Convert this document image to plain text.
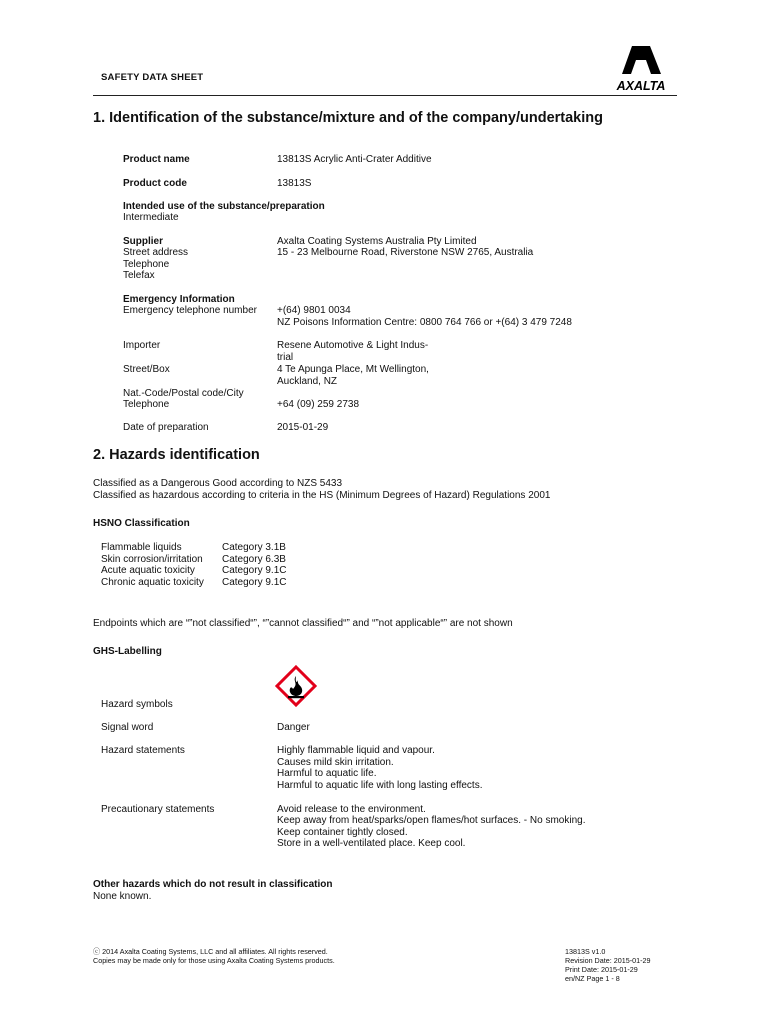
SAFETY DATA SHEET
AXALTA
1. Identification of the substance/mixture and of the company/undertaking
Product name	13813S Acrylic Anti-Crater Additive
Product code	13813S
Intended use of the substance/preparation
Intermediate
Supplier	Axalta Coating Systems Australia Pty Limited
Street address	15 - 23 Melbourne Road, Riverstone NSW 2765, Australia
Telephone
Telefax
Emergency Information
Emergency telephone number +(64) 9801 0034
NZ Poisons Information Centre: 0800 764 766 or +(64) 3 479 7248
Importer	Resene Automotive & Light Indus-
trial
Street/Box	4 Te Apunga Place, Mt Wellington,
Auckland, NZ
Nat.-Code/Postal code/City
Telephone	+64 (09) 259 2738
Date of preparation	2015-01-29
2. Hazards identification
Classified as a Dangerous Good according to NZS 5433
Classified as hazardous according to criteria in the HS (Minimum Degrees of Hazard) Regulations 2001
HSNO Classification
Flammable liquids	Category 3.1B
Skin corrosion/irritation Category 6.3B
Acute aquatic toxicity	Category 9.1C
Chronic aquatic toxicity Category 9.1C
Endpoints which are “”not classified“”, “”cannot classified“” and “”not applicable“” are not shown
GHS-Labelling
Hazard symbols
Signal word	Danger
Hazard statements	Highly flammable liquid and vapour.
Causes mild skin irritation.
Harmful to aquatic life.
Harmful to aquatic life with long lasting effects.
Precautionary statements	Avoid release to the environment.
Keep away from heat/sparks/open flames/hot surfaces. - No smoking.
Keep container tightly closed.
Store in a well-ventilated place. Keep cool.
Other hazards which do not result in classification
None known.
ⓒ 2014 Axalta Coating Systems, LLC and all affiliates. All rights reserved.
Copies may be made only for those using Axalta Coating Systems products.
13813S v1.0
Revision Date: 2015-01-29
Print Date: 2015-01-29
en/NZ Page 1 - 8
